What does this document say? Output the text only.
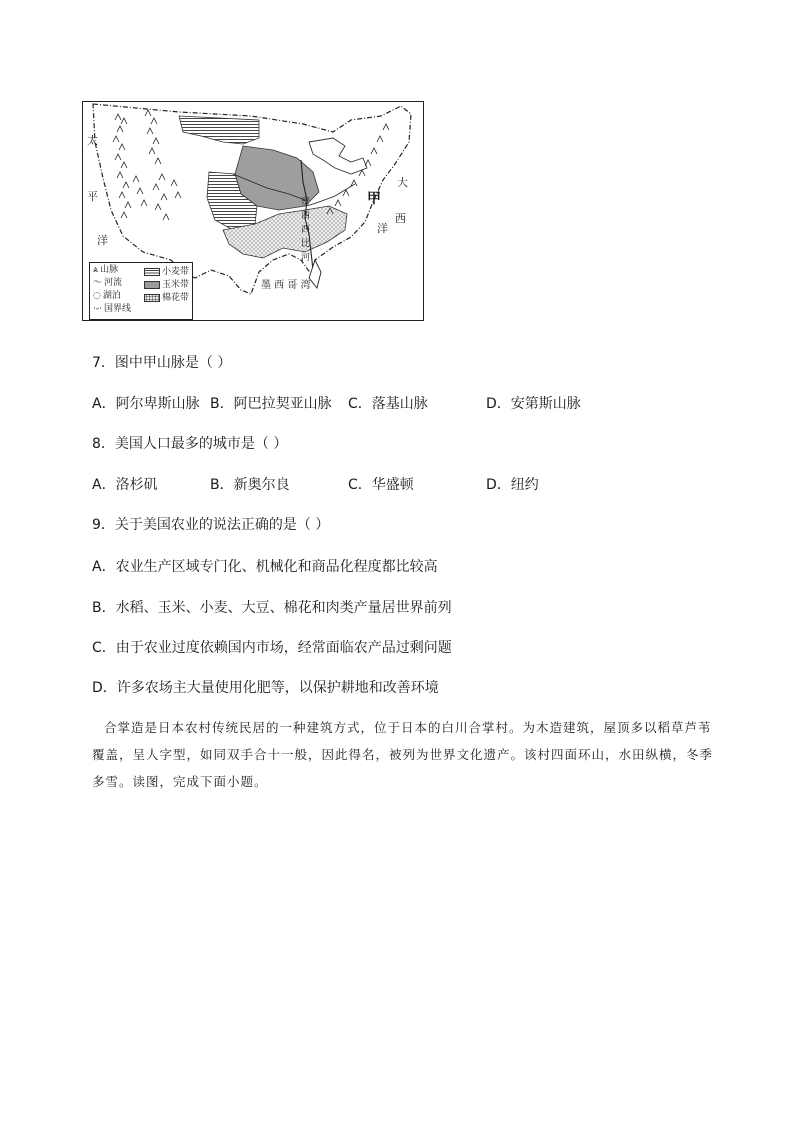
太
平
洋
大
西
洋
甲
密
西
西
比
河
墨 西 哥 湾
⩓ 山脉
〜 河流
◌ 湖泊
·-· 国界线
小麦带
玉米带
棉花带
7．图中甲山脉是（ ）
A．阿尔卑斯山脉 B．阿巴拉契亚山脉 C．落基山脉	D．安第斯山脉
8．美国人口最多的城市是（ ）
A．洛杉矶	B．新奥尔良	C．华盛顿	D．纽约
9．关于美国农业的说法正确的是（ ）
A．农业生产区域专门化、机械化和商品化程度都比较高
B．水稻、玉米、小麦、大豆、棉花和肉类产量居世界前列
C．由于农业过度依赖国内市场，经常面临农产品过剩问题
D．许多农场主大量使用化肥等，以保护耕地和改善环境
合掌造是日本农村传统民居的一种建筑方式，位于日本的白川合掌村。为木造建筑，屋顶多以稻草芦苇覆盖，呈人字型，如同双手合十一般，因此得名，被列为世界文化遗产。该村四面环山，水田纵横，冬季多雪。读图，完成下面小题。
